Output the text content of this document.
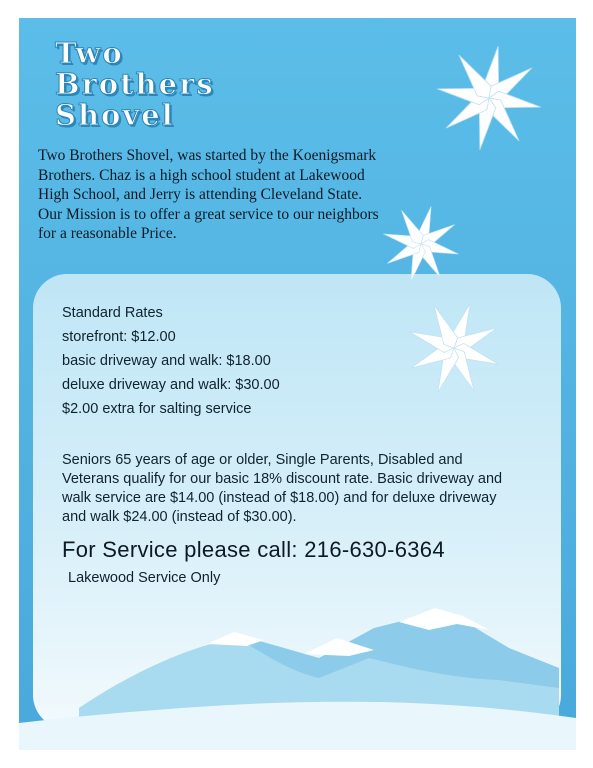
Two
Brothers
Shovel
Two Brothers Shovel, was started by the Koenigsmark Brothers. Chaz is a high school student at Lakewood High School, and Jerry is attending Cleveland State. Our Mission is to offer a great service to our neighbors for a reasonable Price.
Standard Rates
storefront: $12.00
basic driveway and walk: $18.00
deluxe driveway and walk: $30.00
$2.00 extra for salting service
Seniors 65 years of age or older, Single Parents, Disabled and Veterans qualify for our basic 18% discount rate. Basic driveway and walk service are $14.00 (instead of $18.00) and for deluxe driveway and walk $24.00 (instead of $30.00).
For Service please call: 216-630-6364
Lakewood Service Only
